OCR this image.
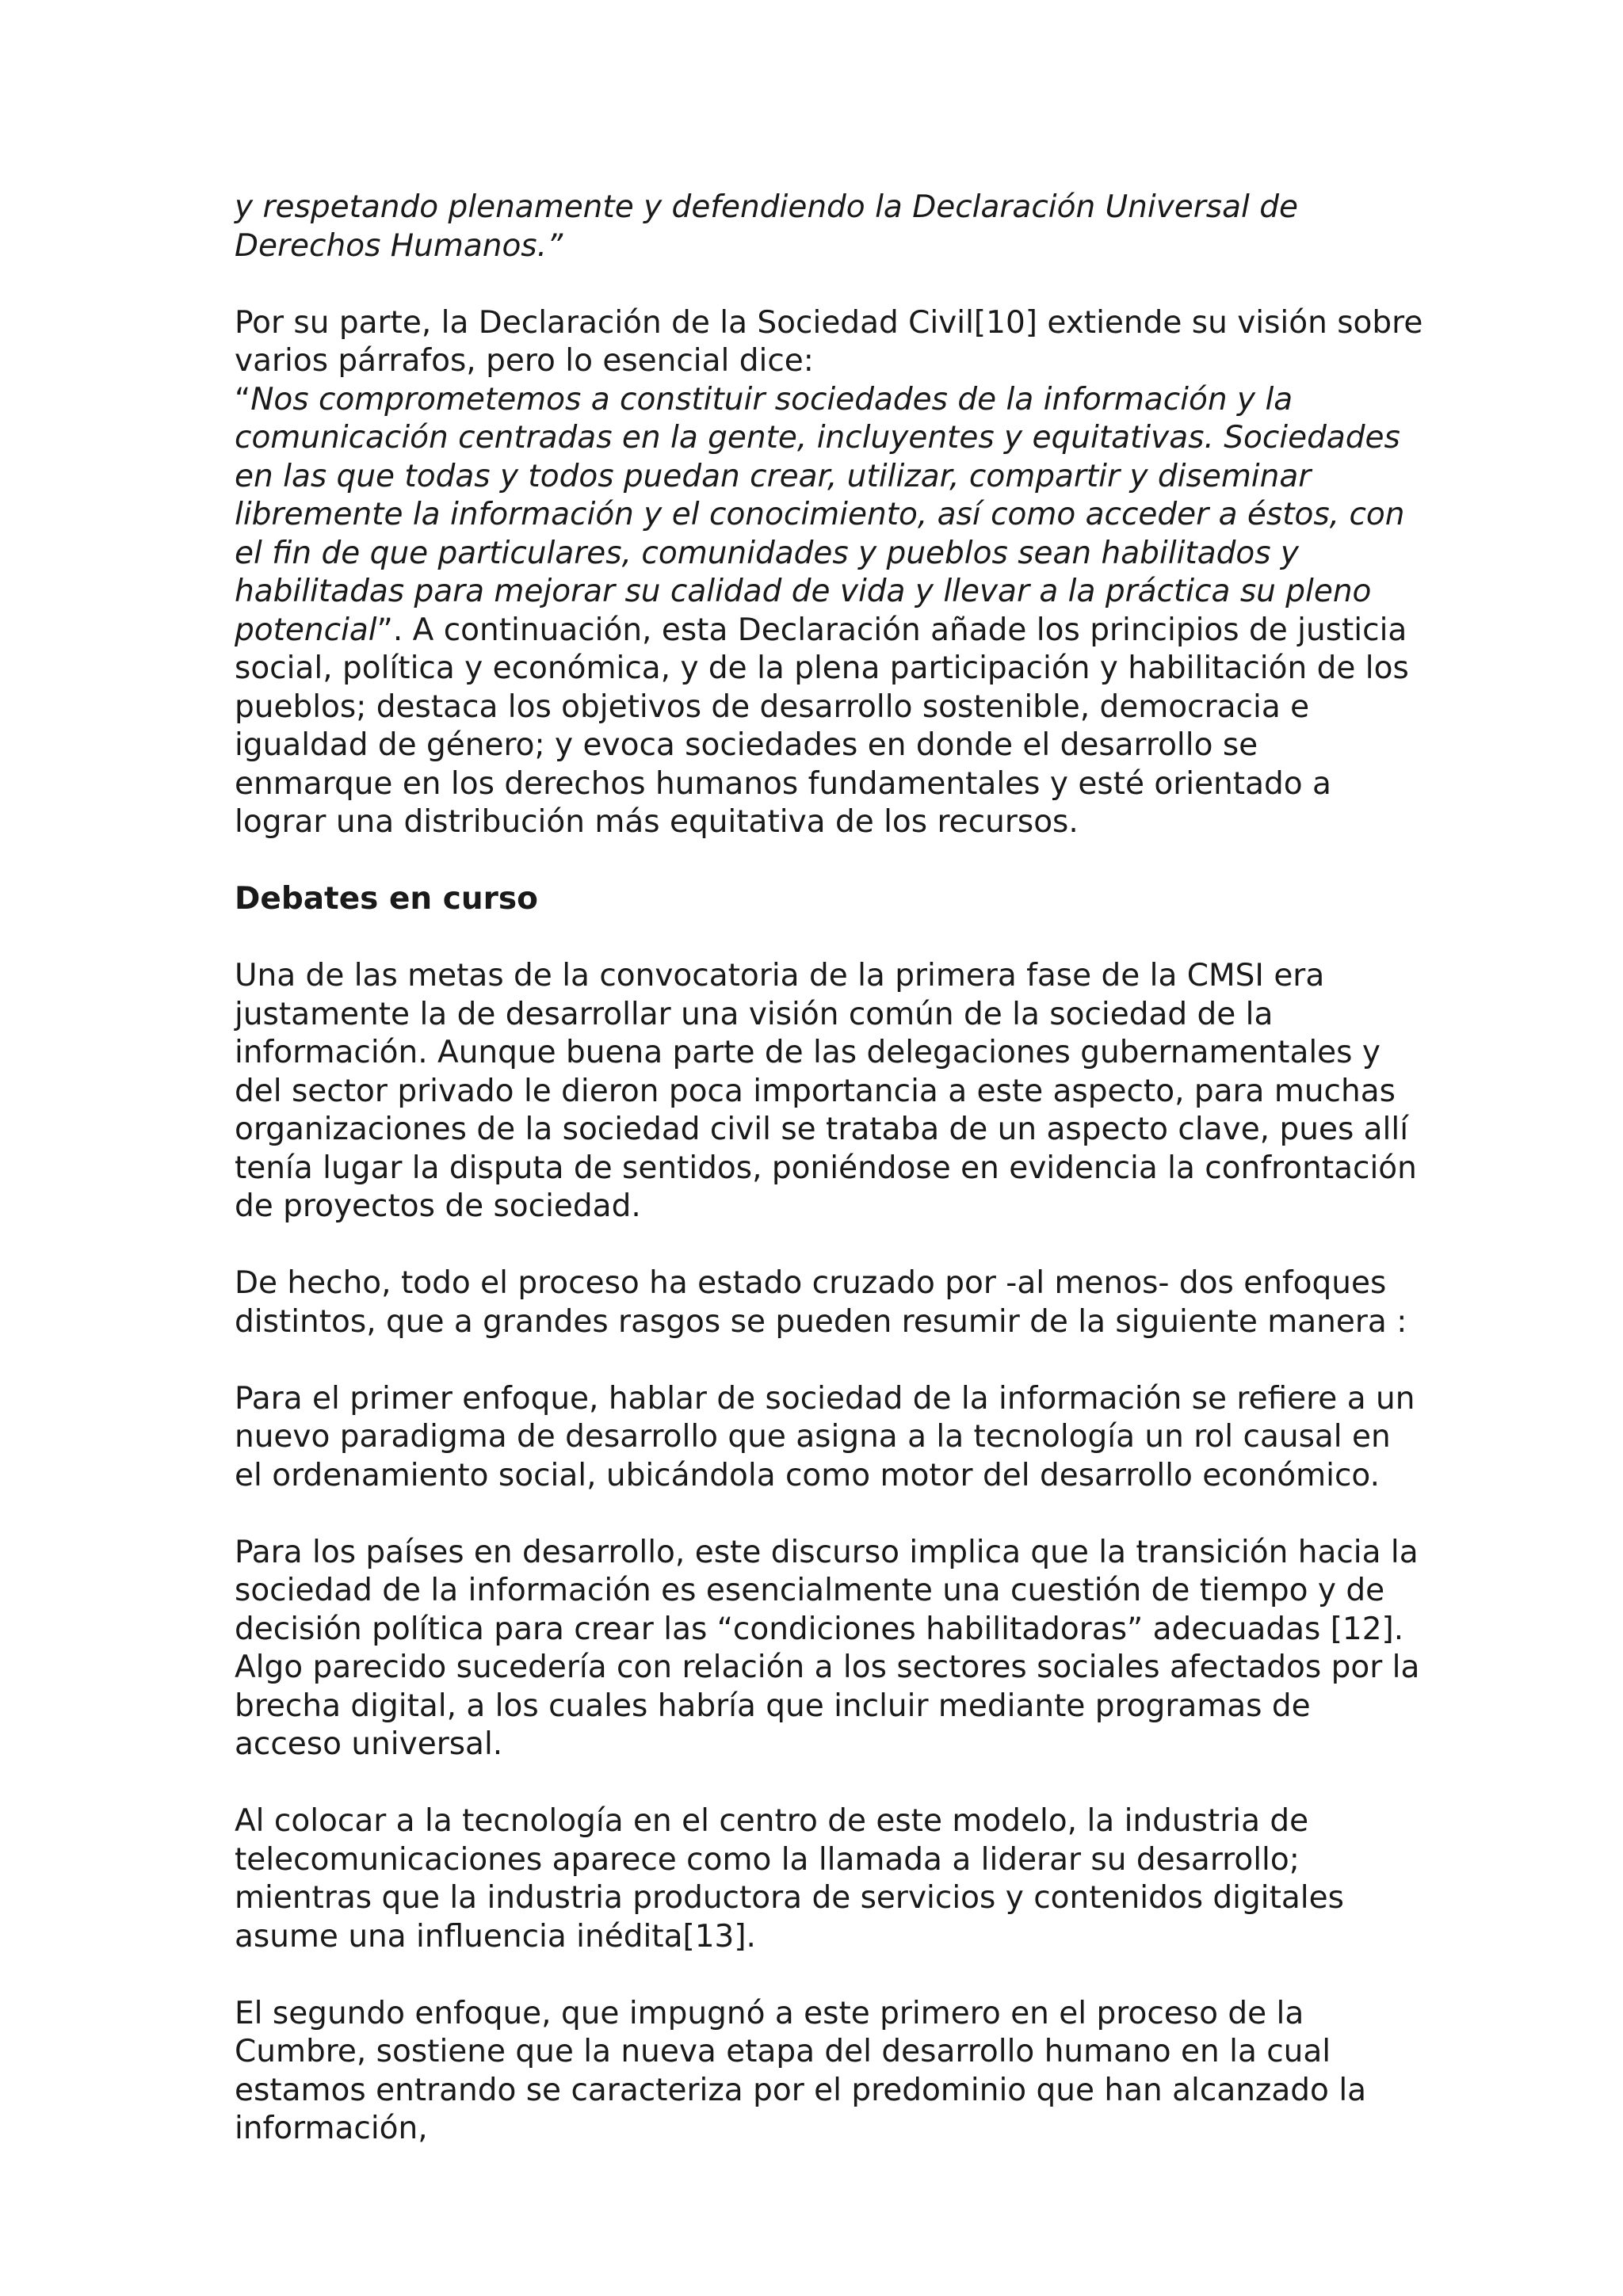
y respetando plenamente y defendiendo la Declaración Universal de Derechos Humanos.”

Por su parte, la Declaración de la Sociedad Civil[10] extiende su visión sobre varios párrafos, pero lo esencial dice:
“Nos comprometemos a constituir sociedades de la información y la comunicación centradas en la gente, incluyentes y equitativas. Sociedades en las que todas y todos puedan crear, utilizar, compartir y diseminar libremente la información y el conocimiento, así como acceder a éstos, con el fin de que particulares, comunidades y pueblos sean habilitados y habilitadas para mejorar su calidad de vida y llevar a la práctica su pleno potencial”. A continuación, esta Declaración añade los principios de justicia social, política y económica, y de la plena participación y habilitación de los pueblos; destaca los objetivos de desarrollo sostenible, democracia e igualdad de género; y evoca sociedades en donde el desarrollo se enmarque en los derechos humanos fundamentales y esté orientado a lograr una distribución más equitativa de los recursos.

Debates en curso

Una de las metas de la convocatoria de la primera fase de la CMSI era justamente la de desarrollar una visión común de la sociedad de la información. Aunque buena parte de las delegaciones gubernamentales y del sector privado le dieron poca importancia a este aspecto, para muchas organizaciones de la sociedad civil se trataba de un aspecto clave, pues allí tenía lugar la disputa de sentidos, poniéndose en evidencia la confrontación de proyectos de sociedad.

De hecho, todo el proceso ha estado cruzado por -al menos- dos enfoques distintos, que a grandes rasgos se pueden resumir de la siguiente manera :

Para el primer enfoque, hablar de sociedad de la información se refiere a un nuevo paradigma de desarrollo que asigna a la tecnología un rol causal en el ordenamiento social, ubicándola como motor del desarrollo económico.

Para los países en desarrollo, este discurso implica que la transición hacia la sociedad de la información es esencialmente una cuestión de tiempo y de decisión política para crear las “condiciones habilitadoras” adecuadas [12]. Algo parecido sucedería con relación a los sectores sociales afectados por la brecha digital, a los cuales habría que incluir mediante programas de acceso universal.

Al colocar a la tecnología en el centro de este modelo, la industria de telecomunicaciones aparece como la llamada a liderar su desarrollo; mientras que la industria productora de servicios y contenidos digitales asume una influencia inédita[13].

El segundo enfoque, que impugnó a este primero en el proceso de la Cumbre, sostiene que la nueva etapa del desarrollo humano en la cual estamos entrando se caracteriza por el predominio que han alcanzado la información,
